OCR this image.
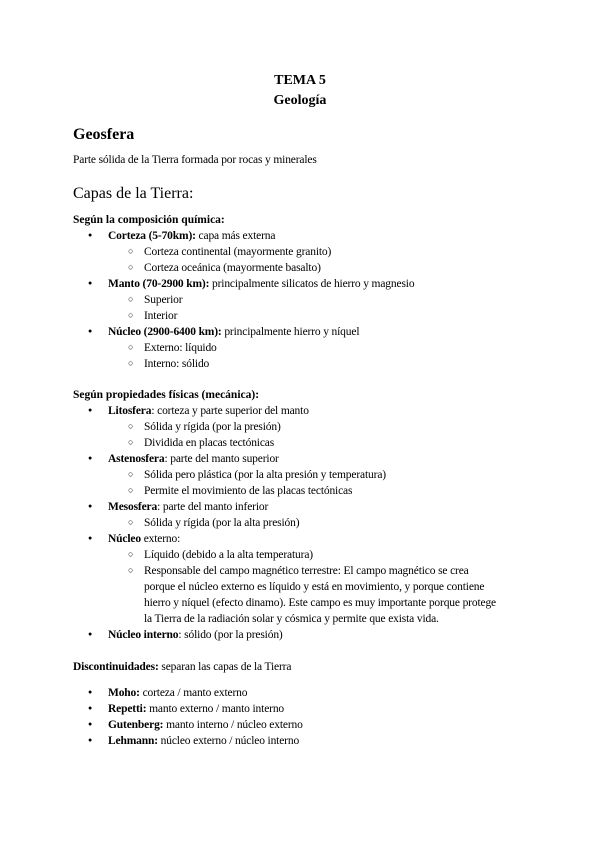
TEMA 5
Geología
Geosfera
Parte sólida de la Tierra formada por rocas y minerales
Capas de la Tierra:
Según la composición química:
● Corteza (5-70km): capa más externa
○ Corteza continental (mayormente granito)
○ Corteza oceánica (mayormente basalto)
● Manto (70-2900 km): principalmente silicatos de hierro y magnesio
○ Superior
○ Interior
● Núcleo (2900-6400 km): principalmente hierro y níquel
○ Externo: líquido
○ Interno: sólido
Según propiedades físicas (mecánica):
● Litosfera: corteza y parte superior del manto
○ Sólida y rígida (por la presión)
○ Dividida en placas tectónicas
● Astenosfera: parte del manto superior
○ Sólida pero plástica (por la alta presión y temperatura)
○ Permite el movimiento de las placas tectónicas
● Mesosfera: parte del manto inferior
○ Sólida y rígida (por la alta presión)
● Núcleo externo:
○ Líquido (debido a la alta temperatura)
○ Responsable del campo magnético terrestre: El campo magnético se crea
porque el núcleo externo es líquido y está en movimiento, y porque contiene
hierro y níquel (efecto dinamo). Este campo es muy importante porque protege
la Tierra de la radiación solar y cósmica y permite que exista vida.
● Núcleo interno: sólido (por la presión)
Discontinuidades: separan las capas de la Tierra
● Moho: corteza / manto externo
● Repetti: manto externo / manto interno
● Gutenberg: manto interno / núcleo externo
● Lehmann: núcleo externo / núcleo interno
